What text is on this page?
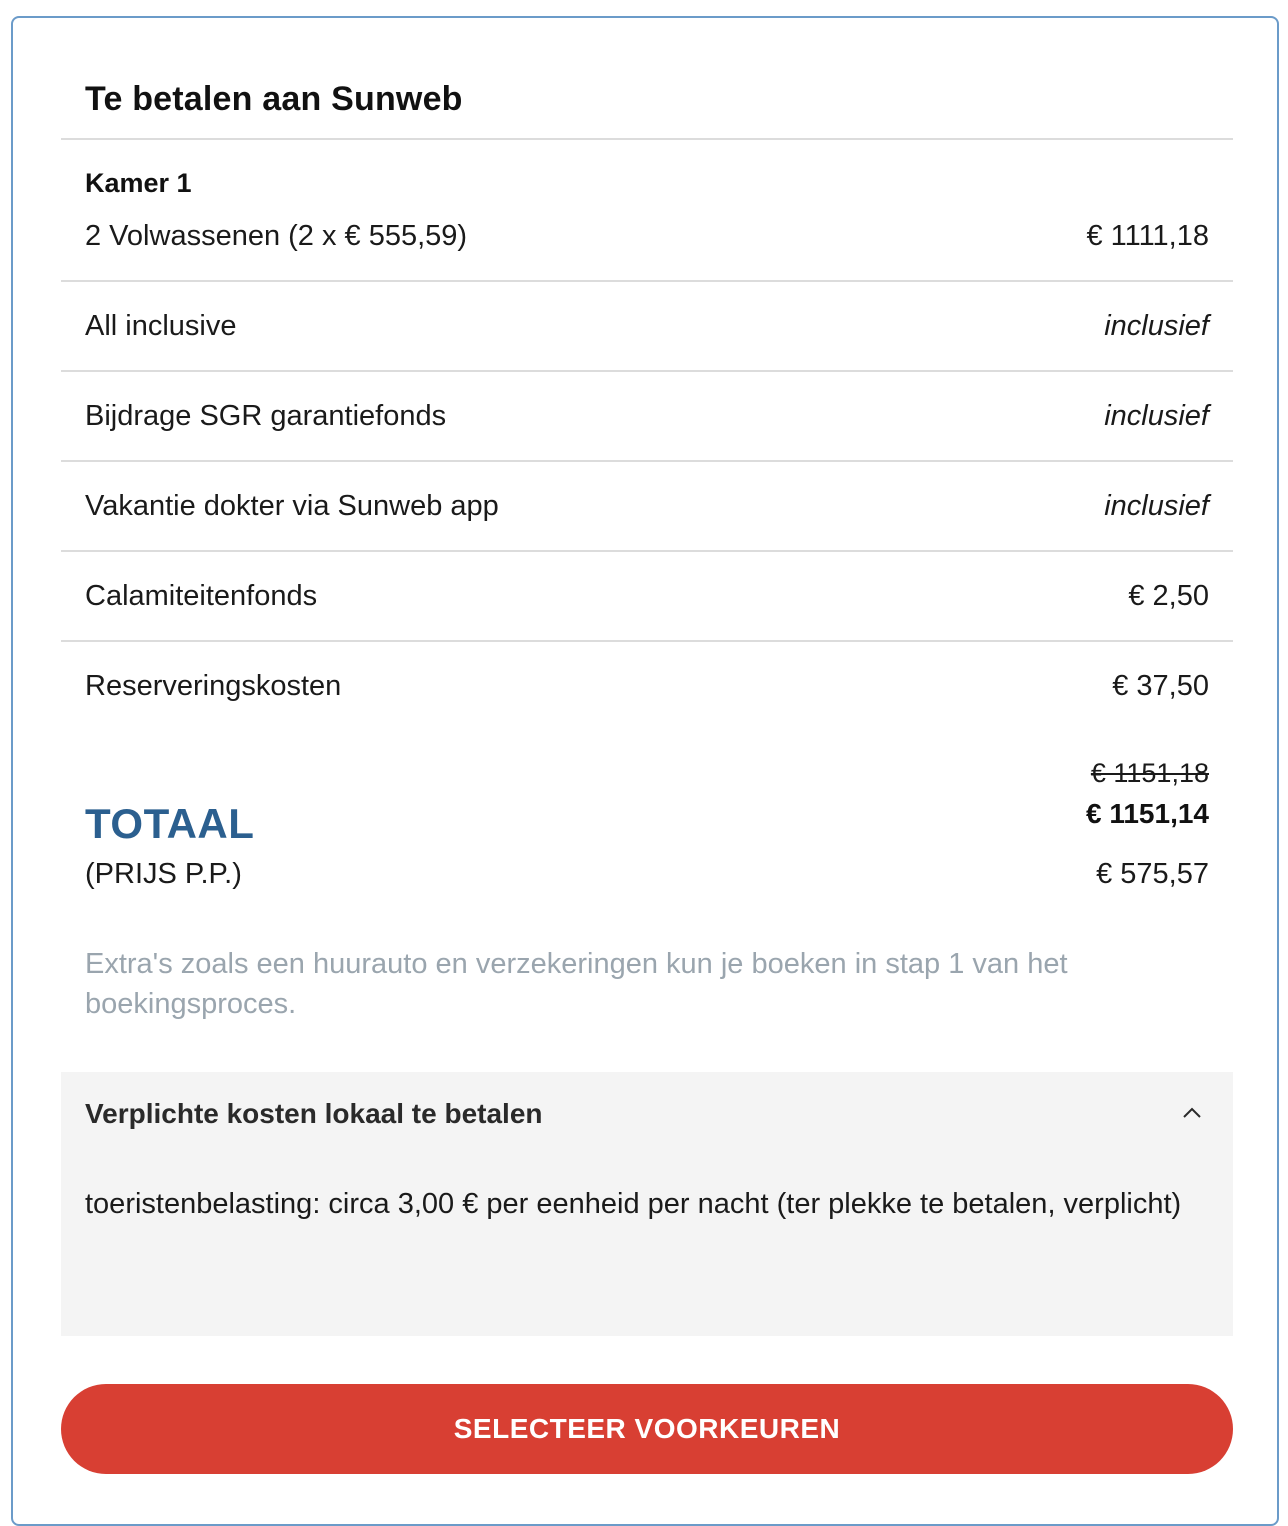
Te betalen aan Sunweb
Kamer 1
2 Volwassenen (2 x € 555,59)	€ 1111,18
All inclusive	inclusief
Bijdrage SGR garantiefonds	inclusief
Vakantie dokter via Sunweb app	inclusief
Calamiteitenfonds	€ 2,50
Reserveringskosten	€ 37,50
€ 1151,18
TOTAAL	€ 1151,14
(PRIJS P.P.)	€ 575,57
Extra's zoals een huurauto en verzekeringen kun je boeken in stap 1 van het boekingsproces.
Verplichte kosten lokaal te betalen
toeristenbelasting: circa 3,00 € per eenheid per nacht (ter plekke te betalen, verplicht)
SELECTEER VOORKEUREN
